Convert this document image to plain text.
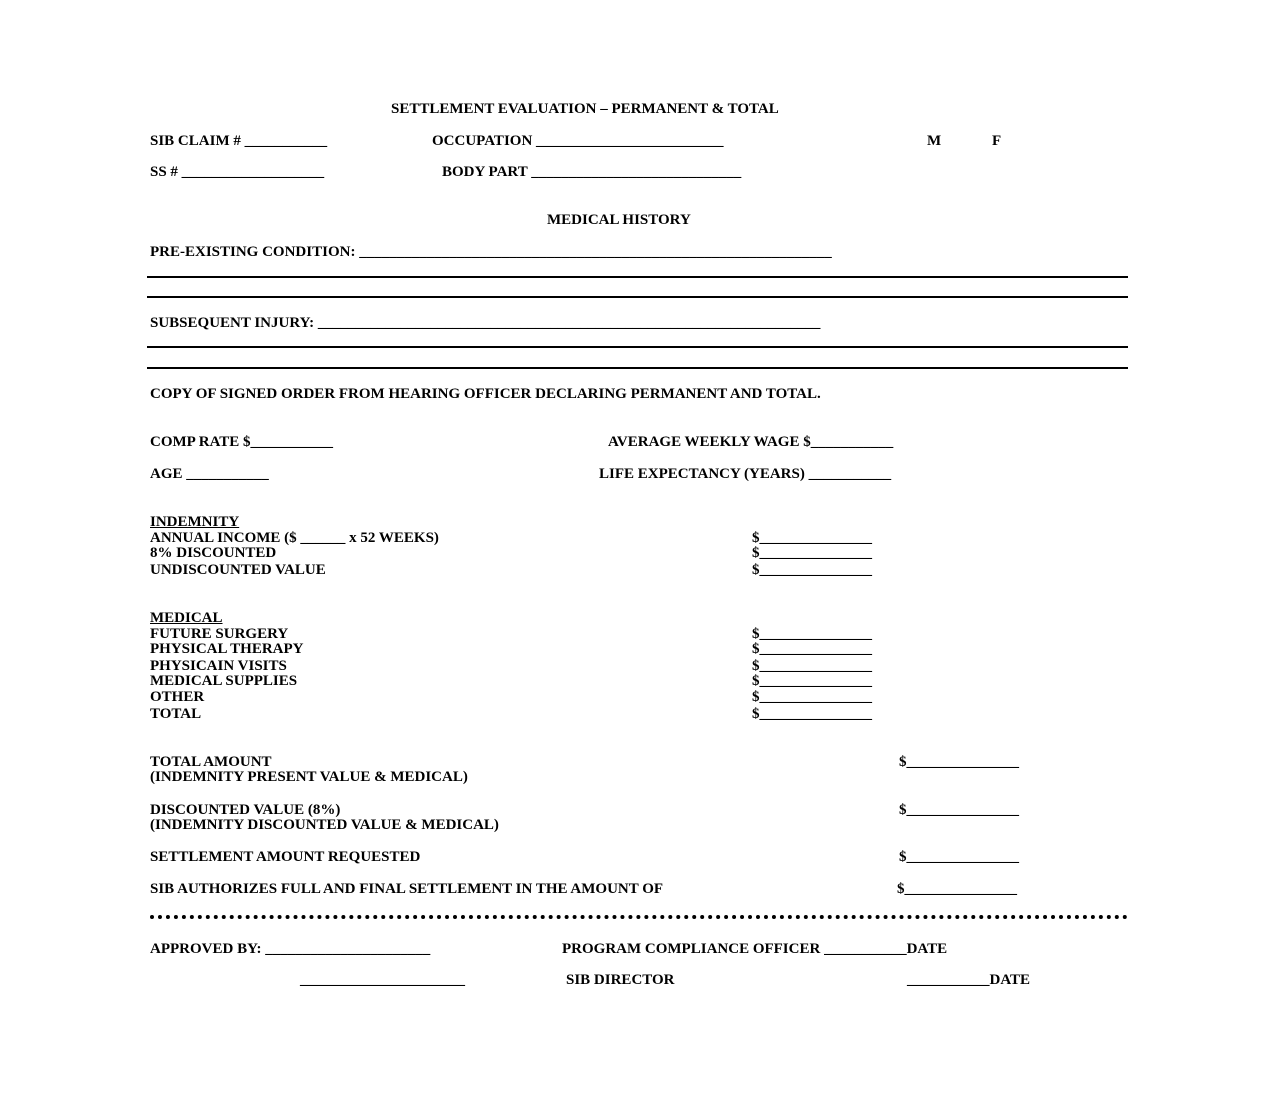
SETTLEMENT EVALUATION – PERMANENT & TOTAL
SIB CLAIM # ___________	OCCUPATION _________________________	M	F
SS # ___________________	BODY PART ____________________________
MEDICAL HISTORY
PRE-EXISTING CONDITION: _______________________________________________________________
SUBSEQUENT INJURY: ___________________________________________________________________
COPY OF SIGNED ORDER FROM HEARING OFFICER DECLARING PERMANENT AND TOTAL.
COMP RATE $___________	AVERAGE WEEKLY WAGE $___________
AGE ___________	LIFE EXPECTANCY (YEARS) ___________
INDEMNITY
ANNUAL INCOME ($ ______ x 52 WEEKS)	$_______________
8% DISCOUNTED	$_______________
UNDISCOUNTED VALUE	$_______________
MEDICAL
FUTURE SURGERY	$_______________
PHYSICAL THERAPY	$_______________
PHYSICAIN VISITS	$_______________
MEDICAL SUPPLIES	$_______________
OTHER	$_______________
TOTAL	$_______________
TOTAL AMOUNT
(INDEMNITY PRESENT VALUE & MEDICAL)
$_______________
DISCOUNTED VALUE (8%)
(INDEMNITY DISCOUNTED VALUE & MEDICAL)
$_______________
SETTLEMENT AMOUNT REQUESTED	$_______________
SIB AUTHORIZES FULL AND FINAL SETTLEMENT IN THE AMOUNT OF	$_______________
APPROVED BY: ______________________	PROGRAM COMPLIANCE OFFICER ___________DATE
______________________	SIB DIRECTOR	___________DATE
